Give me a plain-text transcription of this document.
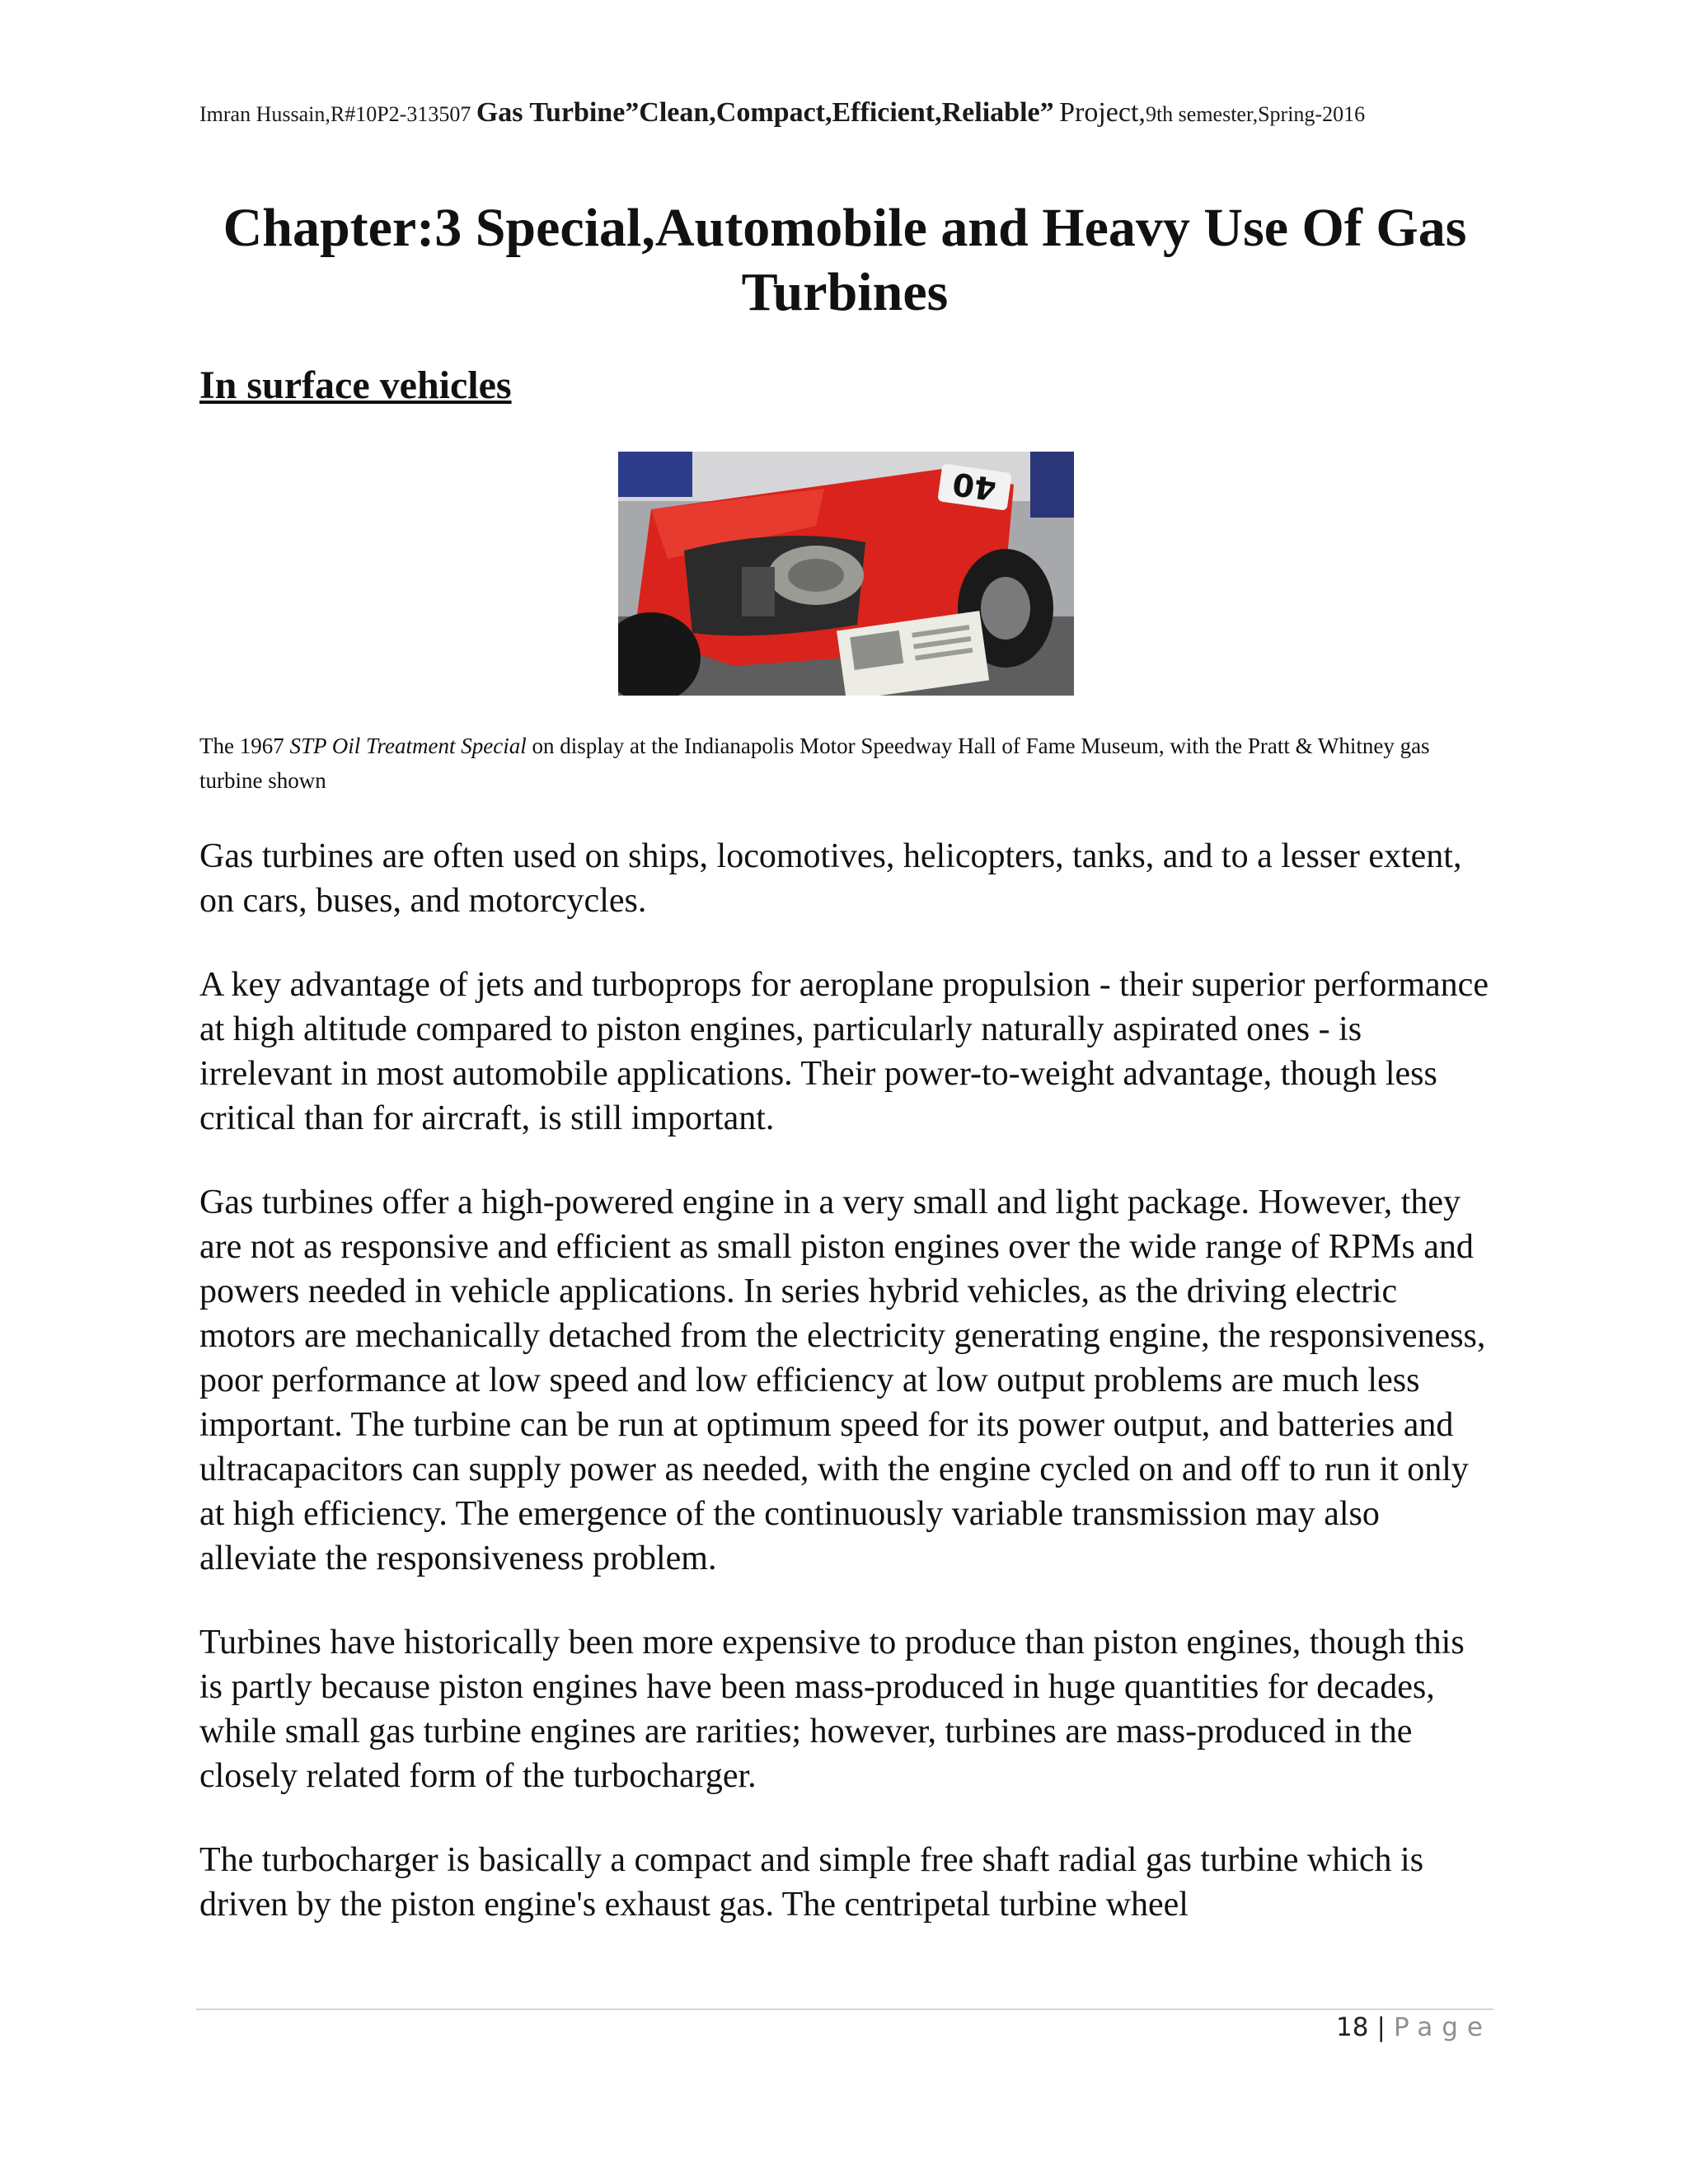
Imran Hussain,R#10P2-313507 Gas Turbine”Clean,Compact,Efficient,Reliable” Project,9th semester,Spring-2016
Chapter:3 Special,Automobile and Heavy Use Of Gas Turbines
In surface vehicles
40

The 1967 STP Oil Treatment Special on display at the Indianapolis Motor Speedway Hall of Fame Museum, with the Pratt & Whitney gas turbine shown

Gas turbines are often used on ships, locomotives, helicopters, tanks, and to a lesser extent, on cars, buses, and motorcycles.

A key advantage of jets and turboprops for aeroplane propulsion - their superior performance at high altitude compared to piston engines, particularly naturally aspirated ones - is irrelevant in most automobile applications. Their power-to-weight advantage, though less critical than for aircraft, is still important.

Gas turbines offer a high-powered engine in a very small and light package. However, they are not as responsive and efficient as small piston engines over the wide range of RPMs and powers needed in vehicle applications. In series hybrid vehicles, as the driving electric motors are mechanically detached from the electricity generating engine, the responsiveness, poor performance at low speed and low efficiency at low output problems are much less important. The turbine can be run at optimum speed for its power output, and batteries and ultracapacitors can supply power as needed, with the engine cycled on and off to run it only at high efficiency. The emergence of the continuously variable transmission may also alleviate the responsiveness problem.

Turbines have historically been more expensive to produce than piston engines, though this is partly because piston engines have been mass-produced in huge quantities for decades, while small gas turbine engines are rarities; however, turbines are mass-produced in the closely related form of the turbocharger.

The turbocharger is basically a compact and simple free shaft radial gas turbine which is driven by the piston engine's exhaust gas. The centripetal turbine wheel

18 | Page
